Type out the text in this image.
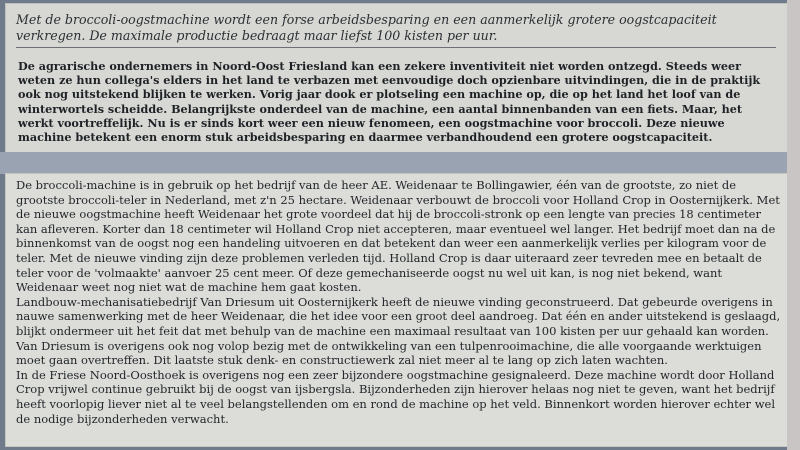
Met de broccoli-oogstmachine wordt een forse arbeidsbesparing en een aanmerkelijk grotere oogstcapaciteit verkregen. De maximale productie bedraagt maar liefst 100 kisten per uur.
De agrarische ondernemers in Noord-Oost Friesland kan een zekere inventiviteit niet worden ontzegd. Steeds weer weten ze hun collega's elders in het land te verbazen met eenvoudige doch opzienbare uitvindingen, die in de praktijk ook nog uitstekend blijken te werken. Vorig jaar dook er plotseling een machine op, die op het land het loof van de winterwortels scheidde. Belangrijkste onderdeel van de machine, een aantal binnenbanden van een fiets. Maar, het werkt voortreffelijk. Nu is er sinds kort weer een nieuw fenomeen, een oogstmachine voor broccoli. Deze nieuwe machine betekent een enorm stuk arbeidsbesparing en daarmee verbandhoudend een grotere oogstcapaciteit.

De broccoli-machine is in gebruik op het bedrijf van de heer AE. Weidenaar te Bollingawier, één van de grootste, zo niet de grootste broccoli-teler in Nederland, met z'n 25 hectare. Weidenaar verbouwt de broccoli voor Holland Crop in Oosternijkerk. Met de nieuwe oogstmachine heeft Weidenaar het grote voordeel dat hij de broccoli-stronk op een lengte van precies 18 centimeter kan afleveren. Korter dan 18 centimeter wil Holland Crop niet accepteren, maar eventueel wel langer. Het bedrijf moet dan na de binnenkomst van de oogst nog een handeling uitvoeren en dat betekent dan weer een aanmerkelijk verlies per kilogram voor de teler. Met de nieuwe vinding zijn deze problemen verleden tijd. Holland Crop is daar uiteraard zeer tevreden mee en betaalt de teler voor de 'volmaakte' aanvoer 25 cent meer. Of deze gemechaniseerde oogst nu wel uit kan, is nog niet bekend, want Weidenaar weet nog niet wat de machine hem gaat kosten.

Landbouw-mechanisatiebedrijf Van Driesum uit Oosternijkerk heeft de nieuwe vinding geconstrueerd. Dat gebeurde overigens in nauwe samenwerking met de heer Weidenaar, die het idee voor een groot deel aandroeg. Dat één en ander uitstekend is geslaagd, blijkt ondermeer uit het feit dat met behulp van de machine een maximaal resultaat van 100 kisten per uur gehaald kan worden. Van Driesum is overigens ook nog volop bezig met de ontwikkeling van een tulpenrooimachine, die alle voorgaande werktuigen moet gaan overtreffen. Dit laatste stuk denk- en constructiewerk zal niet meer al te lang op zich laten wachten.

In de Friese Noord-Oosthoek is overigens nog een zeer bijzondere oogstmachine gesignaleerd. Deze machine wordt door Holland Crop vrijwel continue gebruikt bij de oogst van ijsbergsla. Bijzonderheden zijn hierover helaas nog niet te geven, want het bedrijf heeft voorlopig liever niet al te veel belangstellenden om en rond de machine op het veld. Binnenkort worden hierover echter wel de nodige bijzonderheden verwacht.
